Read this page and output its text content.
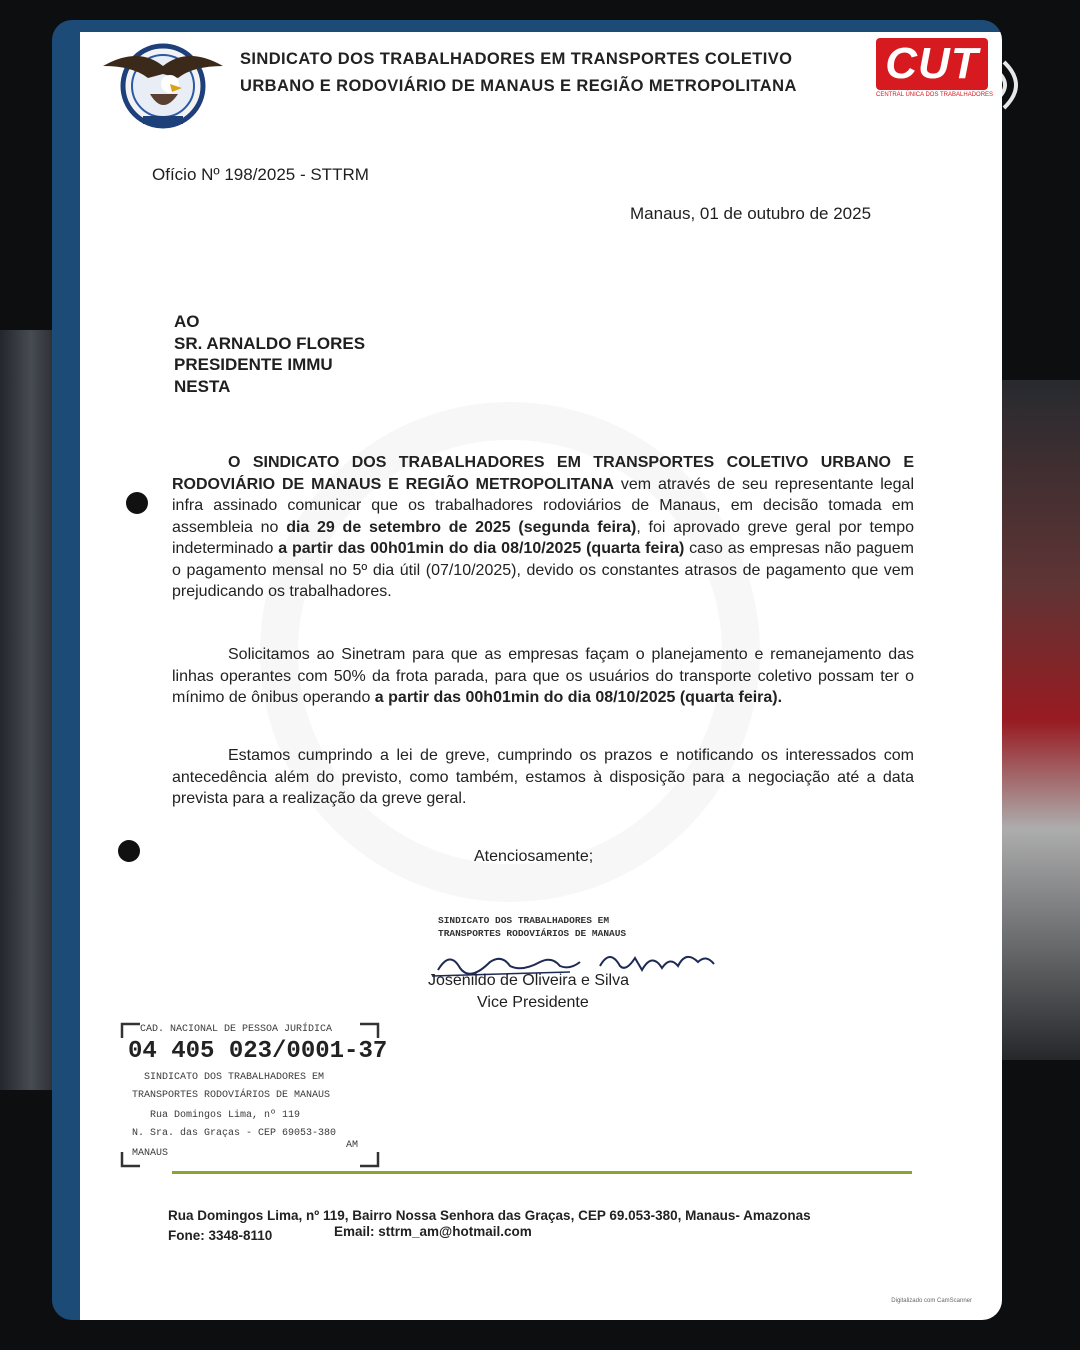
SINDICATO DOS TRABALHADORES EM TRANSPORTES COLETIVO
URBANO E RODOVIÁRIO DE MANAUS E REGIÃO METROPOLITANA	CUT
CENTRAL ÚNICA DOS TRABALHADORES
Ofício Nº 198/2025 - STTRM
Manaus, 01 de outubro de 2025
AO
SR. ARNALDO FLORES
PRESIDENTE IMMU
NESTA
O SINDICATO DOS TRABALHADORES EM TRANSPORTES COLETIVO URBANO E RODOVIÁRIO DE MANAUS E REGIÃO METROPOLITANA vem através de seu representante legal infra assinado comunicar que os trabalhadores rodoviários de Manaus, em decisão tomada em assembleia no dia 29 de setembro de 2025 (segunda feira), foi aprovado greve geral por tempo indeterminado a partir das 00h01min do dia 08/10/2025 (quarta feira) caso as empresas não paguem o pagamento mensal no 5º dia útil (07/10/2025), devido os constantes atrasos de pagamento que vem prejudicando os trabalhadores.
Solicitamos ao Sinetram para que as empresas façam o planejamento e remanejamento das linhas operantes com 50% da frota parada, para que os usuários do transporte coletivo possam ter o mínimo de ônibus operando a partir das 00h01min do dia 08/10/2025 (quarta feira).
Estamos cumprindo a lei de greve, cumprindo os prazos e notificando os interessados com antecedência além do previsto, como também, estamos à disposição para a negociação até a data prevista para a realização da greve geral.
Atenciosamente;
SINDICATO DOS TRABALHADORES EM
TRANSPORTES RODOVIÁRIOS DE MANAUS
Josenildo de Oliveira e Silva
Vice Presidente
CAD. NACIONAL DE PESSOA JURÍDICA
04 405 023/0001-37
SINDICATO DOS TRABALHADORES EM
TRANSPORTES RODOVIÁRIOS DE MANAUS
Rua Domingos Lima, nº 119
N. Sra. das Graças - CEP 69053-380
MANAUS
AM
Rua Domingos Lima, nº 119, Bairro Nossa Senhora das Graças, CEP 69.053-380, Manaus- Amazonas
Fone: 3348-8110	Email: sttrm_am@hotmail.com
Digitalizado com CamScanner
